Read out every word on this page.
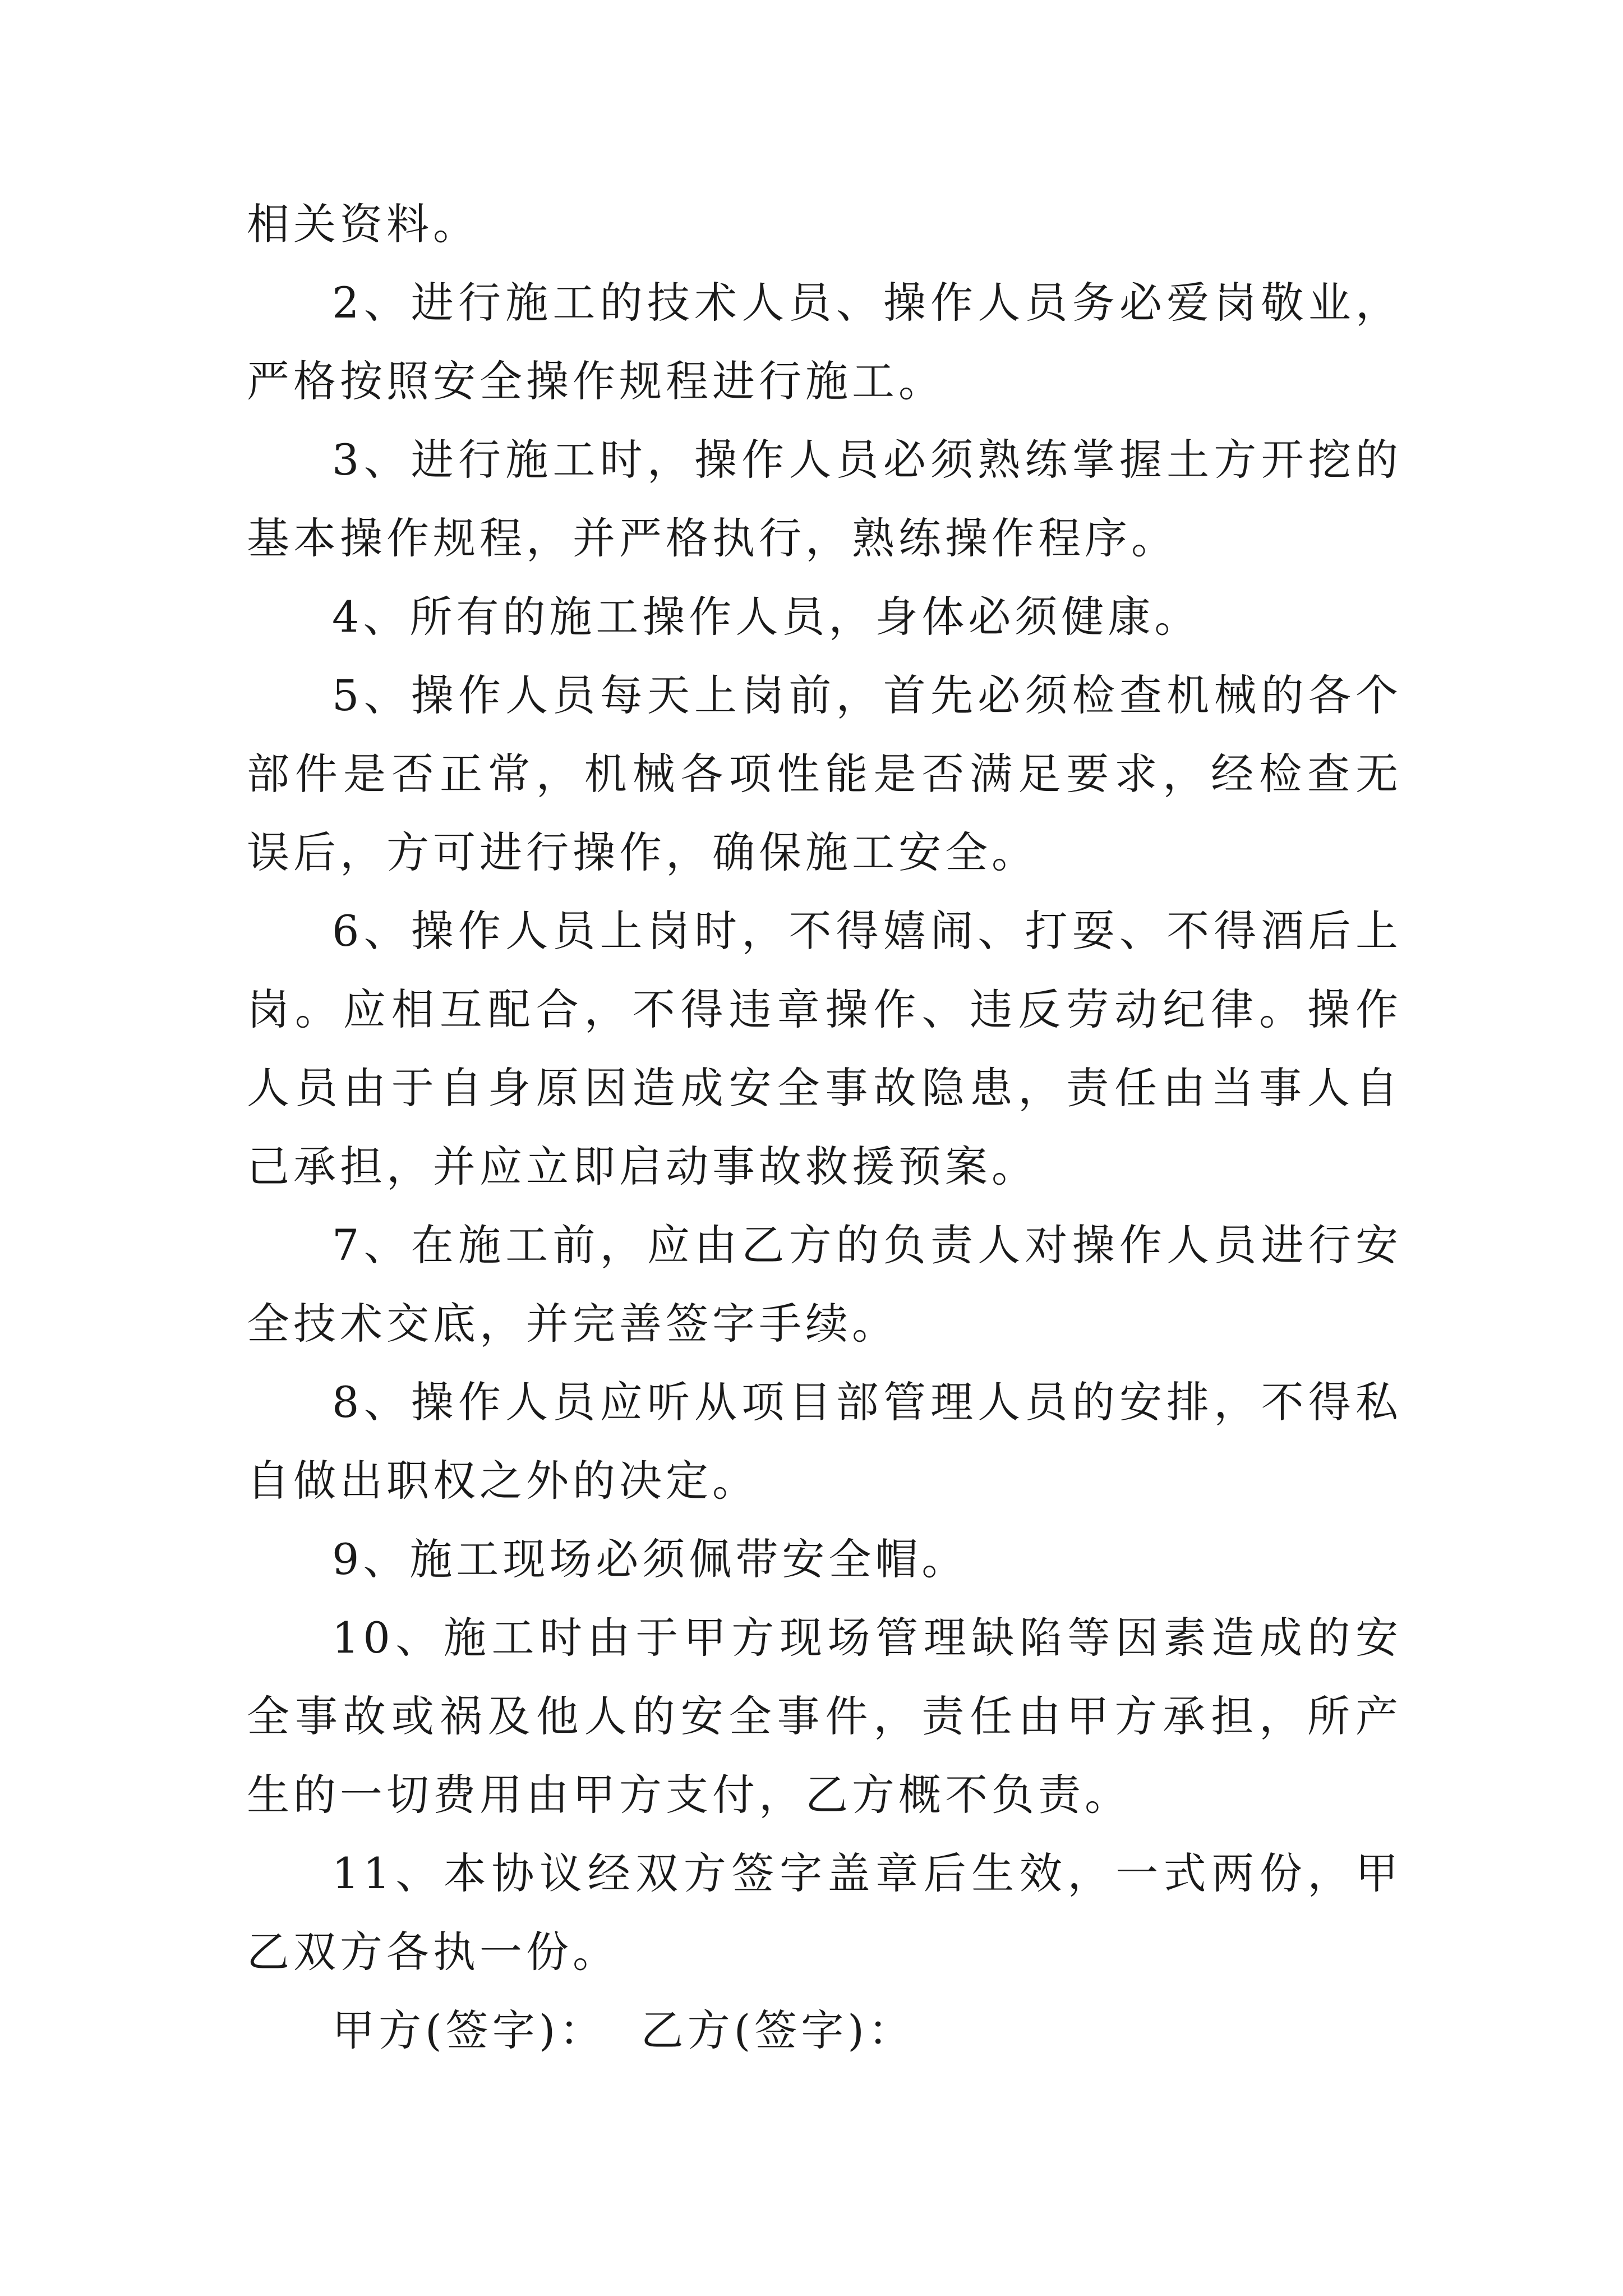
相关资料。

2、进行施工的技术人员、操作人员务必爱岗敬业，严格按照安全操作规程进行施工。

3、进行施工时，操作人员必须熟练掌握土方开挖的基本操作规程，并严格执行，熟练操作程序。

4、所有的施工操作人员，身体必须健康。

5、操作人员每天上岗前，首先必须检查机械的各个部件是否正常，机械各项性能是否满足要求，经检查无误后，方可进行操作，确保施工安全。

6、操作人员上岗时，不得嬉闹、打耍、不得酒后上岗。应相互配合，不得违章操作、违反劳动纪律。操作人员由于自身原因造成安全事故隐患，责任由当事人自己承担，并应立即启动事故救援预案。

7、在施工前，应由乙方的负责人对操作人员进行安全技术交底，并完善签字手续。

8、操作人员应听从项目部管理人员的安排，不得私自做出职权之外的决定。

9、施工现场必须佩带安全帽。

10、施工时由于甲方现场管理缺陷等因素造成的安全事故或祸及他人的安全事件，责任由甲方承担，所产生的一切费用由甲方支付，乙方概不负责。

11、本协议经双方签字盖章后生效，一式两份，甲乙双方各执一份。

甲方(签字)： 乙方(签字)：
